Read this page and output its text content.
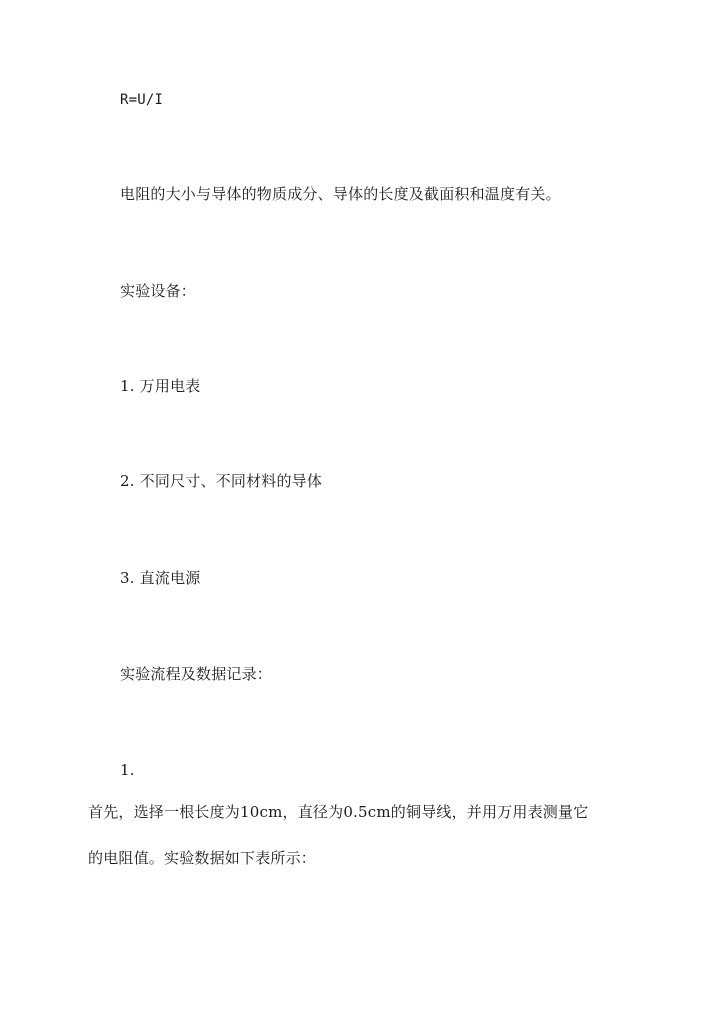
R=U/I
电阻的大小与导体的物质成分、导体的长度及截面积和温度有关。
实验设备：
1. 万用电表
2. 不同尺寸、不同材料的导体
3. 直流电源
实验流程及数据记录：
1.
首先，选择一根长度为10cm，直径为0.5cm的铜导线，并用万用表测量它
的电阻值。实验数据如下表所示：
